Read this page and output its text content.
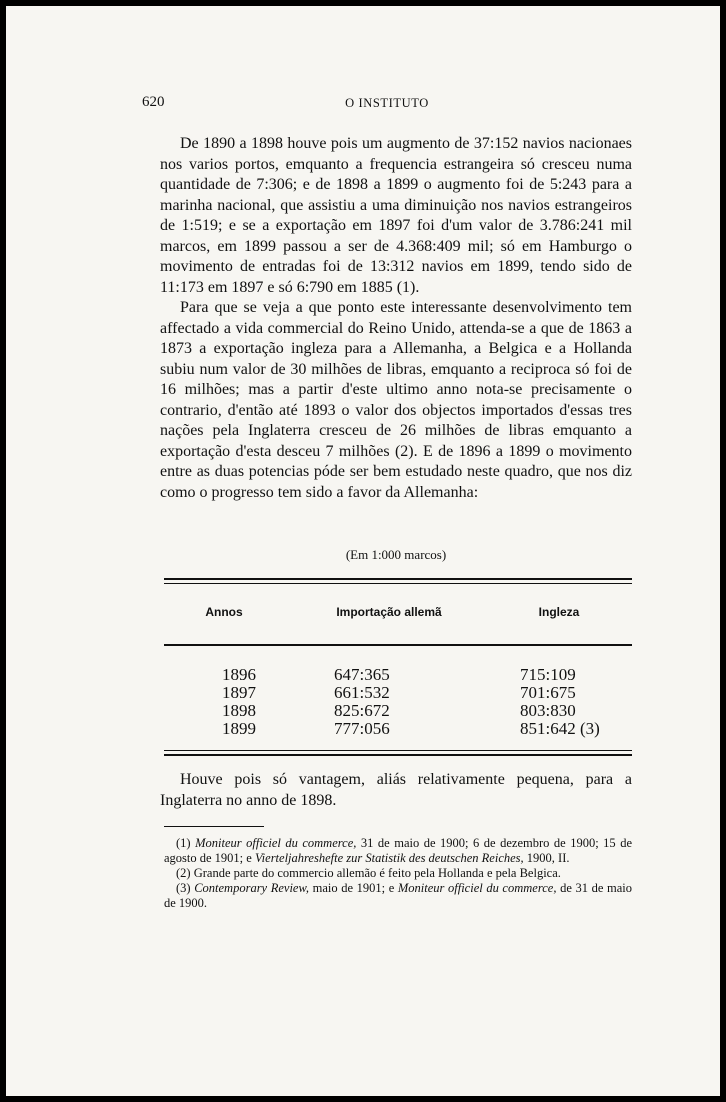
620	O INSTITUTO

De 1890 a 1898 houve pois um augmento de 37:152 navios nacionaes nos varios portos, emquanto a frequencia estrangeira só cresceu numa quantidade de 7:306; e de 1898 a 1899 o augmento foi de 5:243 para a marinha nacional, que assistiu a uma diminuição nos navios estrangeiros de 1:519; e se a exportação em 1897 foi d'um valor de 3.786:241 mil marcos, em 1899 passou a ser de 4.368:409 mil; só em Hamburgo o movimento de entradas foi de 13:312 navios em 1899, tendo sido de 11:173 em 1897 e só 6:790 em 1885 (1).

Para que se veja a que ponto este interessante desenvolvimento tem affectado a vida commercial do Reino Unido, attenda-se a que de 1863 a 1873 a exportação ingleza para a Allemanha, a Belgica e a Hollanda subiu num valor de 30 milhões de libras, emquanto a reciproca só foi de 16 milhões; mas a partir d'este ultimo anno nota-se precisamente o contrario, d'então até 1893 o valor dos objectos importados d'essas tres nações pela Inglaterra cresceu de 26 milhões de libras emquanto a exportação d'esta desceu 7 milhões (2). E de 1896 a 1899 o movimento entre as duas potencias póde ser bem estudado neste quadro, que nos diz como o progresso tem sido a favor da Allemanha:

(Em 1:000 marcos)
Annos	Importação allemã	Ingleza
1896	647:365	715:109
1897	661:532	701:675
1898	825:672	803:830
1899	777:056	851:642 (3)
Houve pois só vantagem, aliás relativamente pequena, para a Inglaterra no anno de 1898.

(1) Moniteur officiel du commerce, 31 de maio de 1900; 6 de dezembro de 1900; 15 de agosto de 1901; e Vierteljahreshefte zur Statistik des deutschen Reiches, 1900, II.

(2) Grande parte do commercio allemão é feito pela Hollanda e pela Belgica.

(3) Contemporary Review, maio de 1901; e Moniteur officiel du commerce, de 31 de maio de 1900.
